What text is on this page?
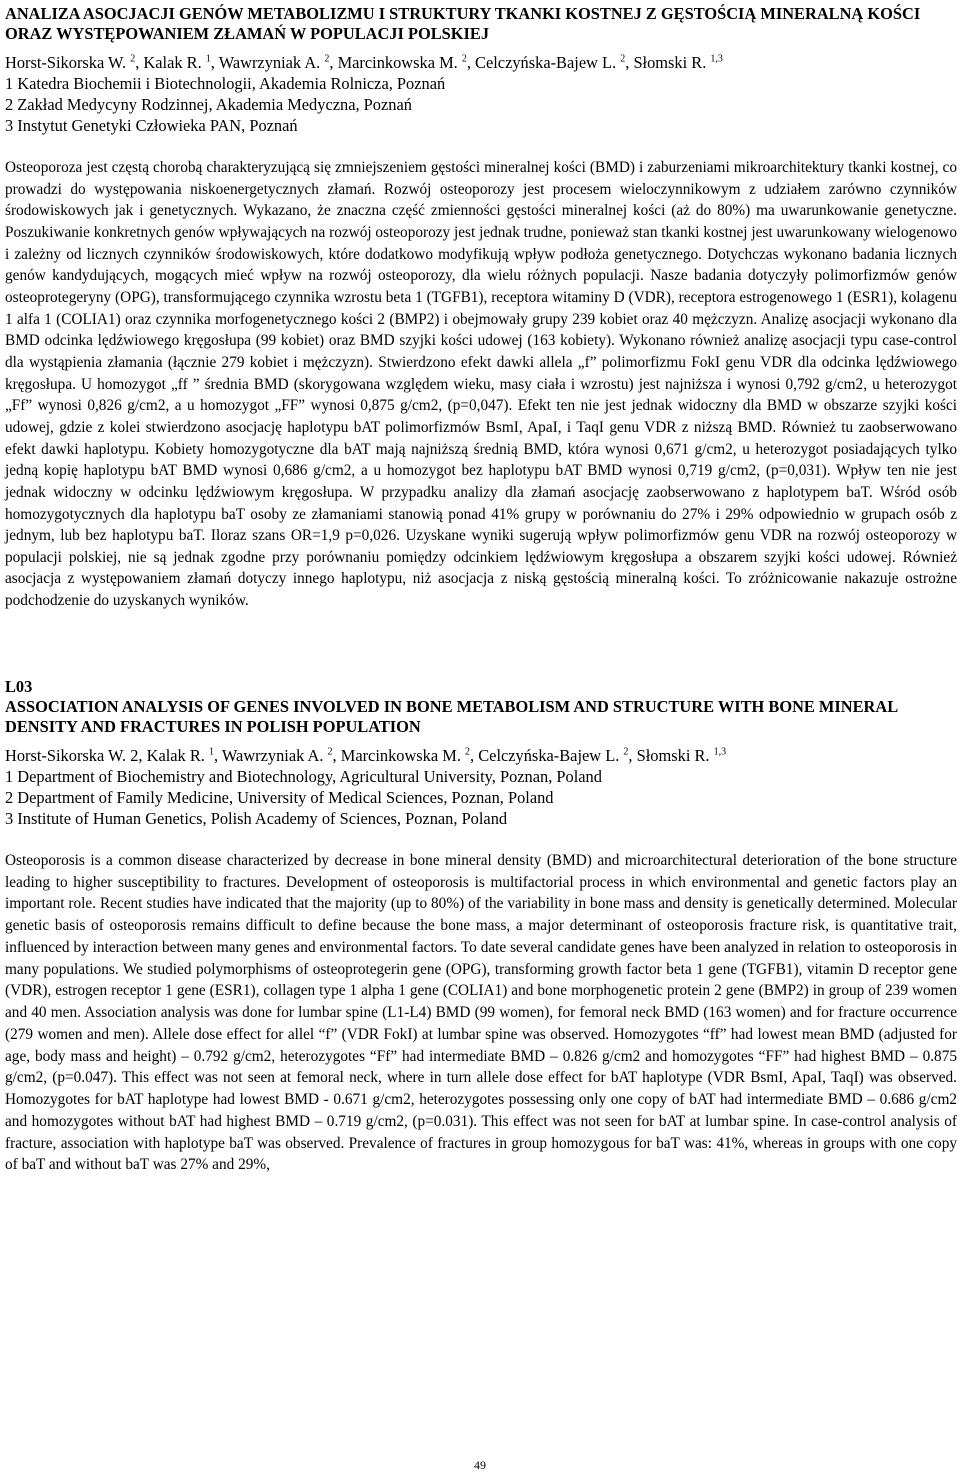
ANALIZA ASOCJACJI GENÓW METABOLIZMU I STRUKTURY TKANKI KOSTNEJ Z GĘSTOŚCIĄ MINERALNĄ KOŚCI ORAZ WYSTĘPOWANIEM ZŁAMAŃ W POPULACJI POLSKIEJ
Horst-Sikorska W. $^2$, Kalak R. $^1$, Wawrzyniak A. $^2$, Marcinkowska M. $^2$, Celczyńska-Bajew L. $^2$, Słomski R. $^{1,3}$
1 Katedra Biochemii i Biotechnologii, Akademia Rolnicza, Poznań
2 Zakład Medycyny Rodzinnej, Akademia Medyczna, Poznań
3 Instytut Genetyki Człowieka PAN, Poznań

Osteoporoza jest częstą chorobą charakteryzującą się zmniejszeniem gęstości mineralnej kości (BMD) i zaburzeniami mikroarchitektury tkanki kostnej, co prowadzi do występowania niskoenergetycznych złamań. Rozwój osteoporozy jest procesem wieloczynnikowym z udziałem zarówno czynników środowiskowych jak i genetycznych. Wykazano, że znaczna część zmienności gęstości mineralnej kości (aż do 80%) ma uwarunkowanie genetyczne. Poszukiwanie konkretnych genów wpływających na rozwój osteoporozy jest jednak trudne, ponieważ stan tkanki kostnej jest uwarunkowany wielogenowo i zależny od licznych czynników środowiskowych, które dodatkowo modyfikują wpływ podłoża genetycznego. Dotychczas wykonano badania licznych genów kandydujących, mogących mieć wpływ na rozwój osteoporozy, dla wielu różnych populacji. Nasze badania dotyczyły polimorfizmów genów osteoprotegeryny (OPG), transformującego czynnika wzrostu beta 1 (TGFB1), receptora witaminy D (VDR), receptora estrogenowego 1 (ESR1), kolagenu 1 alfa 1 (COLIA1) oraz czynnika morfogenetycznego kości 2 (BMP2) i obejmowały grupy 239 kobiet oraz 40 mężczyzn. Analizę asocjacji wykonano dla BMD odcinka lędźwiowego kręgosłupa (99 kobiet) oraz BMD szyjki kości udowej (163 kobiety). Wykonano również analizę asocjacji typu case-control dla wystąpienia złamania (łącznie 279 kobiet i mężczyzn). Stwierdzono efekt dawki allela „f” polimorfizmu FokI genu VDR dla odcinka lędźwiowego kręgosłupa. U homozygot „ff ” średnia BMD (skorygowana względem wieku, masy ciała i wzrostu) jest najniższa i wynosi 0,792 g/cm2, u heterozygot „Ff” wynosi 0,826 g/cm2, a u homozygot „FF” wynosi 0,875 g/cm2, (p=0,047). Efekt ten nie jest jednak widoczny dla BMD w obszarze szyjki kości udowej, gdzie z kolei stwierdzono asocjację haplotypu bAT polimorfizmów BsmI, ApaI, i TaqI genu VDR z niższą BMD. Również tu zaobserwowano efekt dawki haplotypu. Kobiety homozygotyczne dla bAT mają najniższą średnią BMD, która wynosi 0,671 g/cm2, u heterozygot posiadających tylko jedną kopię haplotypu bAT BMD wynosi 0,686 g/cm2, a u homozygot bez haplotypu bAT BMD wynosi 0,719 g/cm2, (p=0,031). Wpływ ten nie jest jednak widoczny w odcinku lędźwiowym kręgosłupa. W przypadku analizy dla złamań asocjację zaobserwowano z haplotypem baT. Wśród osób homozygotycznych dla haplotypu baT osoby ze złamaniami stanowią ponad 41% grupy w porównaniu do 27% i 29% odpowiednio w grupach osób z jednym, lub bez haplotypu baT. Iloraz szans OR=1,9 p=0,026. Uzyskane wyniki sugerują wpływ polimorfizmów genu VDR na rozwój osteoporozy w populacji polskiej, nie są jednak zgodne przy porównaniu pomiędzy odcinkiem lędźwiowym kręgosłupa a obszarem szyjki kości udowej. Również asocjacja z występowaniem złamań dotyczy innego haplotypu, niż asocjacja z niską gęstością mineralną kości. To zróżnicowanie nakazuje ostrożne podchodzenie do uzyskanych wyników.

L03
ASSOCIATION ANALYSIS OF GENES INVOLVED IN BONE METABOLISM AND STRUCTURE WITH BONE MINERAL DENSITY AND FRACTURES IN POLISH POPULATION
Horst-Sikorska W. 2, Kalak R. $^1$, Wawrzyniak A. $^2$, Marcinkowska M. $^2$, Celczyńska-Bajew L. $^2$, Słomski R. $^{1,3}$
1 Department of Biochemistry and Biotechnology, Agricultural University, Poznan, Poland
2 Department of Family Medicine, University of Medical Sciences, Poznan, Poland
3 Institute of Human Genetics, Polish Academy of Sciences, Poznan, Poland

Osteoporosis is a common disease characterized by decrease in bone mineral density (BMD) and microarchitectural deterioration of the bone structure leading to higher susceptibility to fractures. Development of osteoporosis is multifactorial process in which environmental and genetic factors play an important role. Recent studies have indicated that the majority (up to 80%) of the variability in bone mass and density is genetically determined. Molecular genetic basis of osteoporosis remains difficult to define because the bone mass, a major determinant of osteoporosis fracture risk, is quantitative trait, influenced by interaction between many genes and environmental factors. To date several candidate genes have been analyzed in relation to osteoporosis in many populations. We studied polymorphisms of osteoprotegerin gene (OPG), transforming growth factor beta 1 gene (TGFB1), vitamin D receptor gene (VDR), estrogen receptor 1 gene (ESR1), collagen type 1 alpha 1 gene (COLIA1) and bone morphogenetic protein 2 gene (BMP2) in group of 239 women and 40 men. Association analysis was done for lumbar spine (L1-L4) BMD (99 women), for femoral neck BMD (163 women) and for fracture occurrence (279 women and men). Allele dose effect for allel “f” (VDR FokI) at lumbar spine was observed. Homozygotes “ff” had lowest mean BMD (adjusted for age, body mass and height) – 0.792 g/cm2, heterozygotes “Ff” had intermediate BMD – 0.826 g/cm2 and homozygotes “FF” had highest BMD – 0.875 g/cm2, (p=0.047). This effect was not seen at femoral neck, where in turn allele dose effect for bAT haplotype (VDR BsmI, ApaI, TaqI) was observed. Homozygotes for bAT haplotype had lowest BMD - 0.671 g/cm2, heterozygotes possessing only one copy of bAT had intermediate BMD – 0.686 g/cm2 and homozygotes without bAT had highest BMD – 0.719 g/cm2, (p=0.031). This effect was not seen for bAT at lumbar spine. In case-control analysis of fracture, association with haplotype baT was observed. Prevalence of fractures in group homozygous for baT was: 41%, whereas in groups with one copy of baT and without baT was 27% and 29%,

49
